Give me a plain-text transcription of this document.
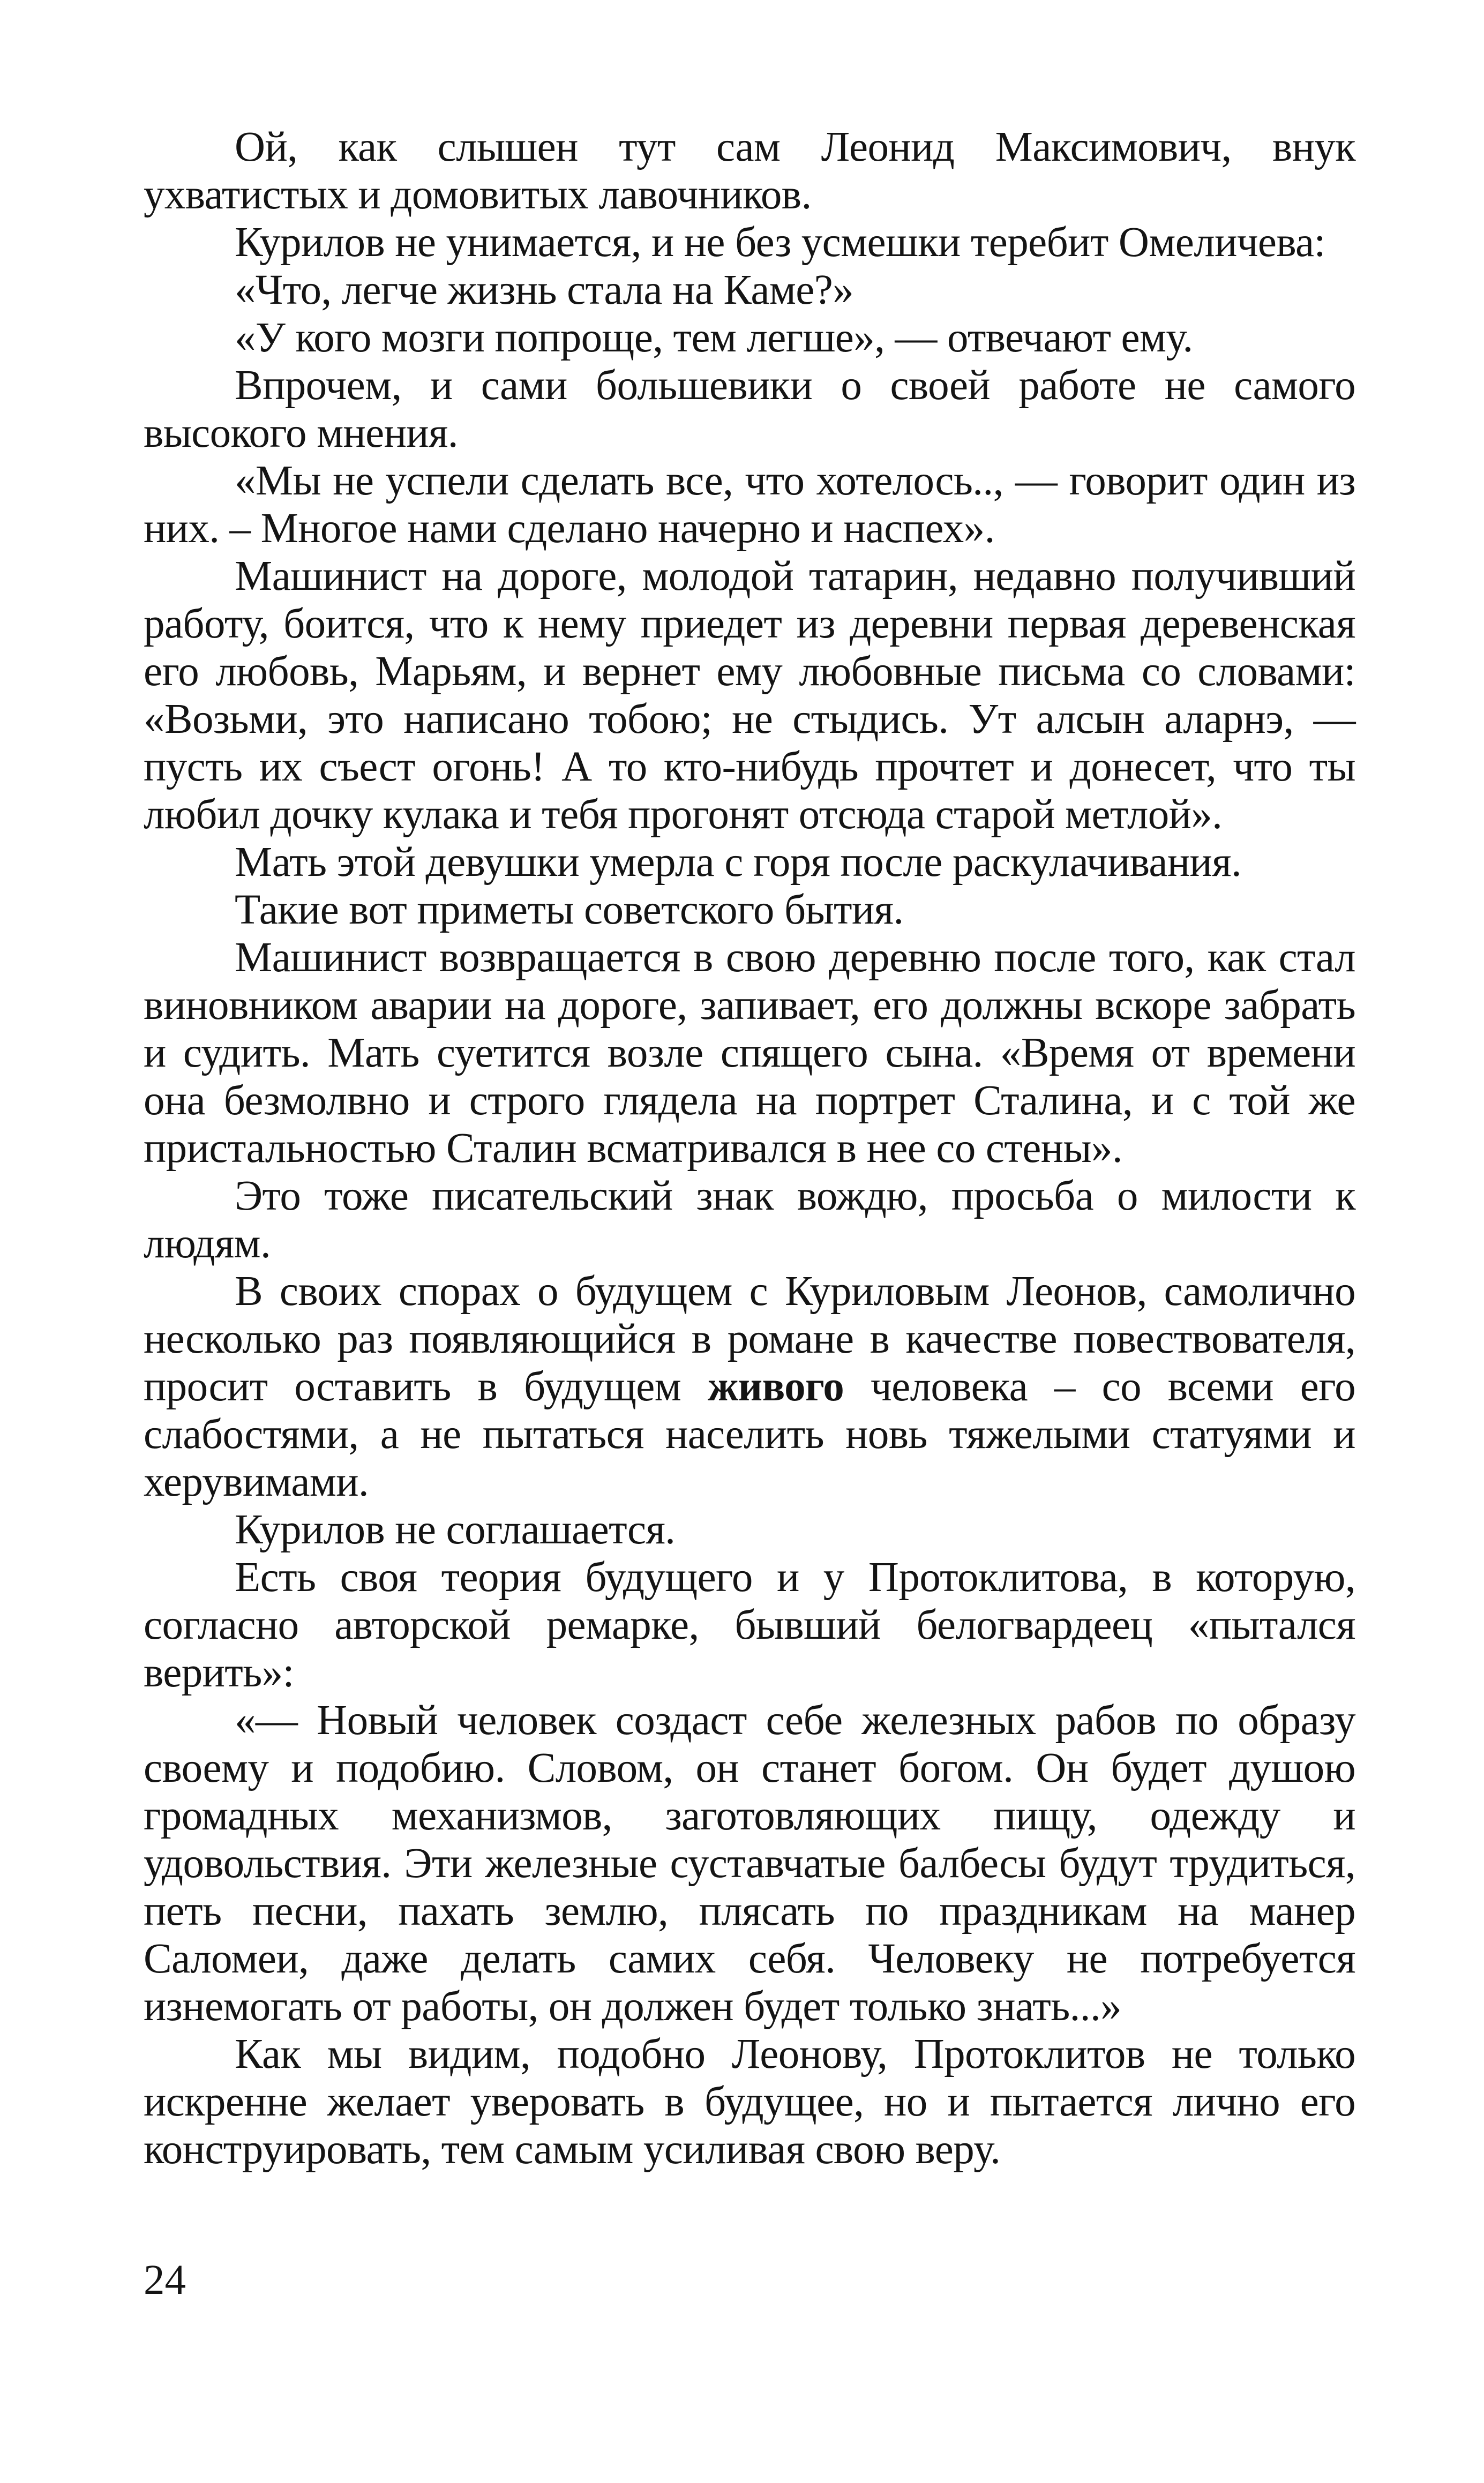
Ой, как слышен тут сам Леонид Максимович, внук ухватистых и домовитых лавочников.

Курилов не унимается, и не без усмешки теребит Омеличева:

«Что, легче жизнь стала на Каме?»

«У кого мозги попроще, тем легше», — отвечают ему.

Впрочем, и сами большевики о своей работе не самого высокого мнения.

«Мы не успели сделать все, что хотелось.., — говорит один из них. – Многое нами сделано начерно и наспех».

Машинист на дороге, молодой татарин, недавно получивший работу, боится, что к нему приедет из деревни первая деревенская его любовь, Марьям, и вернет ему любовные письма со словами: «Возьми, это написано тобою; не стыдись. Ут алсын аларнэ, — пусть их съест огонь! А то кто-нибудь прочтет и донесет, что ты любил дочку кулака и тебя прогонят отсюда старой метлой».

Мать этой девушки умерла с горя после раскулачивания.

Такие вот приметы советского бытия.

Машинист возвращается в свою деревню после того, как стал виновником аварии на дороге, запивает, его должны вскоре забрать и судить. Мать суетится возле спящего сына. «Время от времени она безмолвно и строго глядела на портрет Сталина, и с той же пристальностью Сталин всматривался в нее со стены».

Это тоже писательский знак вождю, просьба о милости к людям.

В своих спорах о будущем с Куриловым Леонов, самолично несколько раз появляющийся в романе в качестве повествователя, просит оставить в будущем живого человека – со всеми его слабостями, а не пытаться населить новь тяжелыми статуями и херувимами.

Курилов не соглашается.

Есть своя теория будущего и у Протоклитова, в которую, согласно авторской ремарке, бывший белогвардеец «пытался верить»:

«— Новый человек создаст себе железных рабов по образу своему и подобию. Словом, он станет богом. Он будет душою громадных механизмов, заготовляющих пищу, одежду и удовольствия. Эти железные суставчатые балбесы будут трудиться, петь песни, пахать землю, плясать по праздникам на манер Саломеи, даже делать самих себя. Человеку не потребуется изнемогать от работы, он должен будет только знать...»

Как мы видим, подобно Леонову, Протоклитов не только искренне желает уверовать в будущее, но и пытается лично его конструировать, тем самым усиливая свою веру.

24
